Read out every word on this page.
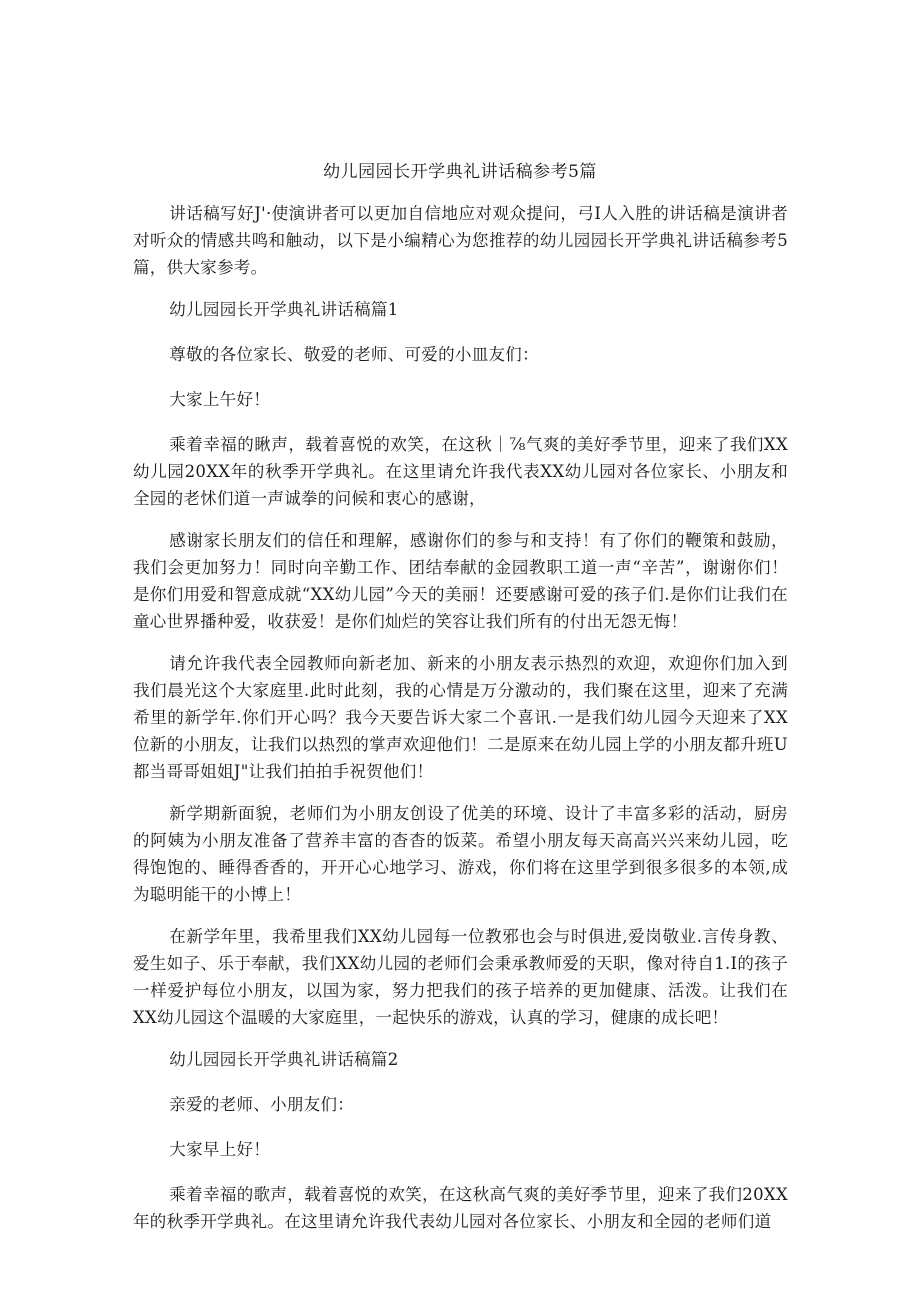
幼儿园园长开学典礼讲话稿参考5篇

讲话稿写好J'·使演讲者可以更加自信地应对观众提问，弓I人入胜的讲话稿是演讲者对听众的情感共鸣和触动，以下是小编精心为您推荐的幼儿园园长开学典礼讲话稿参考5篇，供大家参考。

幼儿园园长开学典礼讲话稿篇1

尊敬的各位家长、敬爱的老师、可爱的小皿友们：

大家上午好！

乘着幸福的瞅声，载着喜悦的欢笑，在这秋｜⅞气爽的美好季节里，迎来了我们XX幼儿园20XX年的秋季开学典礼。在这里请允许我代表XX幼儿园对各位家长、小朋友和全园的老怵们道一声诚拳的问候和衷心的感谢，

感谢家长朋友们的信任和理解，感谢你们的参与和支持！有了你们的鞭策和鼓励，我们会更加努力！同时向辛勤工作、团结奉献的金园教职工道一声“辛苦”，谢谢你们！是你们用爱和智意成就“XX幼儿园”今天的美丽！还要感谢可爱的孩子们.是你们让我们在童心世界播种爱，收获爱！是你们灿烂的笑容让我们所有的付出无怨无悔！

请允许我代表全园教师向新老加、新来的小朋友表示热烈的欢迎，欢迎你们加入到我们晨光这个大家庭里.此时此刻，我的心情是万分激动的，我们聚在这里，迎来了充满希里的新学年.你们开心吗？我今天要告诉大家二个喜讯.一是我们幼儿园今天迎来了XX位新的小朋友，让我们以热烈的掌声欢迎他们！二是原来在幼儿园上学的小朋友都升班U都当哥哥姐姐J"让我们拍拍手祝贺他们！

新学期新面貌，老师们为小朋友创设了优美的环境、设计了丰富多彩的活动，厨房的阿姨为小朋友准备了营养丰富的杳杳的饭菜。希望小朋友每天高高兴兴来幼儿园，吃得饱饱的、睡得香香的，开开心心地学习、游戏，你们将在这里学到很多很多的本领,成为聪明能干的小博上！

在新学年里，我希里我们XX幼儿园每一位教邪也会与时俱进,爱岗敬业.言传身教、爱生如子、乐于奉献，我们XX幼儿园的老师们会秉承教师爱的天职，像对待自1.I的孩子一样爱护每位小朋友，以国为家，努力把我们的孩子培养的更加健康、活泼。让我们在XX幼儿园这个温暖的大家庭里，一起快乐的游戏，认真的学习，健康的成长吧！

幼儿园园长开学典礼讲话稿篇2

亲爱的老师、小朋友们：

大家早上好！

乘着幸福的歌声，载着喜悦的欢笑，在这秋高气爽的美好季节里，迎来了我们20XX年的秋季开学典礼。在这里请允许我代表幼儿园对各位家长、小朋友和全园的老师们道
